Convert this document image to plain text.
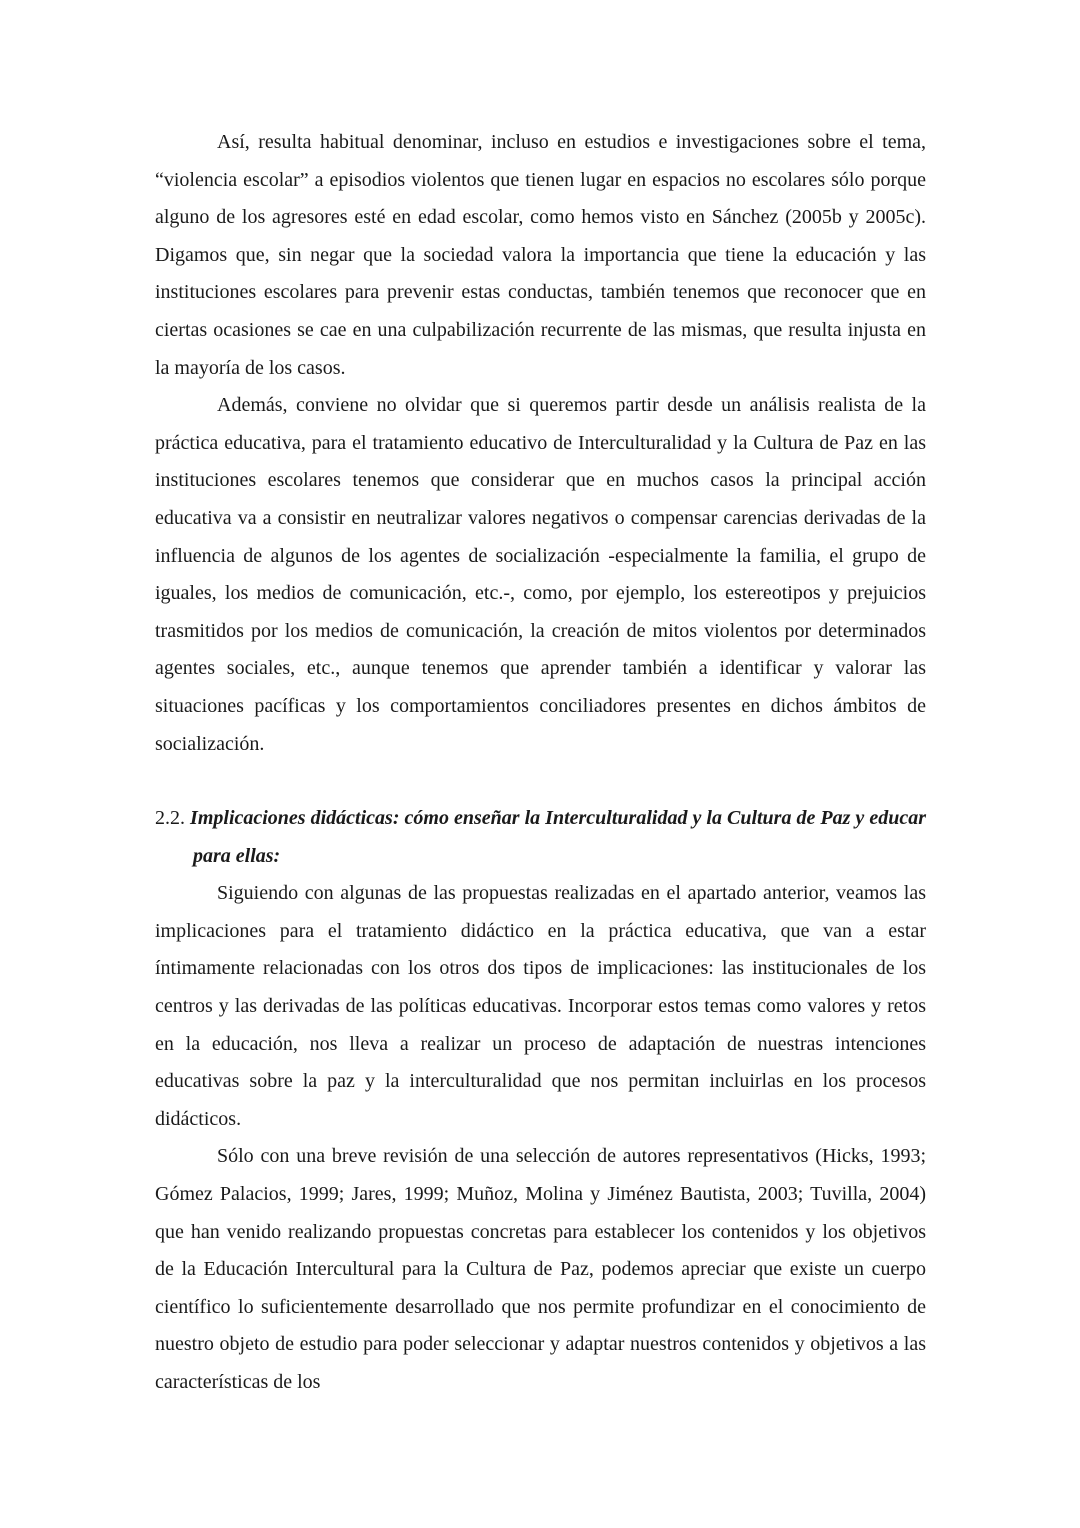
Así, resulta habitual denominar, incluso en estudios e investigaciones sobre el tema, “violencia escolar” a episodios violentos que tienen lugar en espacios no escolares sólo porque alguno de los agresores esté en edad escolar, como hemos visto en Sánchez (2005b y 2005c). Digamos que, sin negar que la sociedad valora la importancia que tiene la educación y las instituciones escolares para prevenir estas conductas, también tenemos que reconocer que en ciertas ocasiones se cae en una culpabilización recurrente de las mismas, que resulta injusta en la mayoría de los casos.

Además, conviene no olvidar que si queremos partir desde un análisis realista de la práctica educativa, para el tratamiento educativo de Interculturalidad y la Cultura de Paz en las instituciones escolares tenemos que considerar que en muchos casos la principal acción educativa va a consistir en neutralizar valores negativos o compensar carencias derivadas de la influencia de algunos de los agentes de socialización -especialmente la familia, el grupo de iguales, los medios de comunicación, etc.-, como, por ejemplo, los estereotipos y prejuicios trasmitidos por los medios de comunicación, la creación de mitos violentos por determinados agentes sociales, etc., aunque tenemos que aprender también a identificar y valorar las situaciones pacíficas y los comportamientos conciliadores presentes en dichos ámbitos de socialización.

2.2. Implicaciones didácticas: cómo enseñar la Interculturalidad y la Cultura de Paz y educar para ellas:

Siguiendo con algunas de las propuestas realizadas en el apartado anterior, veamos las implicaciones para el tratamiento didáctico en la práctica educativa, que van a estar íntimamente relacionadas con los otros dos tipos de implicaciones: las institucionales de los centros y las derivadas de las políticas educativas. Incorporar estos temas como valores y retos en la educación, nos lleva a realizar un proceso de adaptación de nuestras intenciones educativas sobre la paz y la interculturalidad que nos permitan incluirlas en los procesos didácticos.

Sólo con una breve revisión de una selección de autores representativos (Hicks, 1993; Gómez Palacios, 1999; Jares, 1999; Muñoz, Molina y Jiménez Bautista, 2003; Tuvilla, 2004) que han venido realizando propuestas concretas para establecer los contenidos y los objetivos de la Educación Intercultural para la Cultura de Paz, podemos apreciar que existe un cuerpo científico lo suficientemente desarrollado que nos permite profundizar en el conocimiento de nuestro objeto de estudio para poder seleccionar y adaptar nuestros contenidos y objetivos a las características de los
